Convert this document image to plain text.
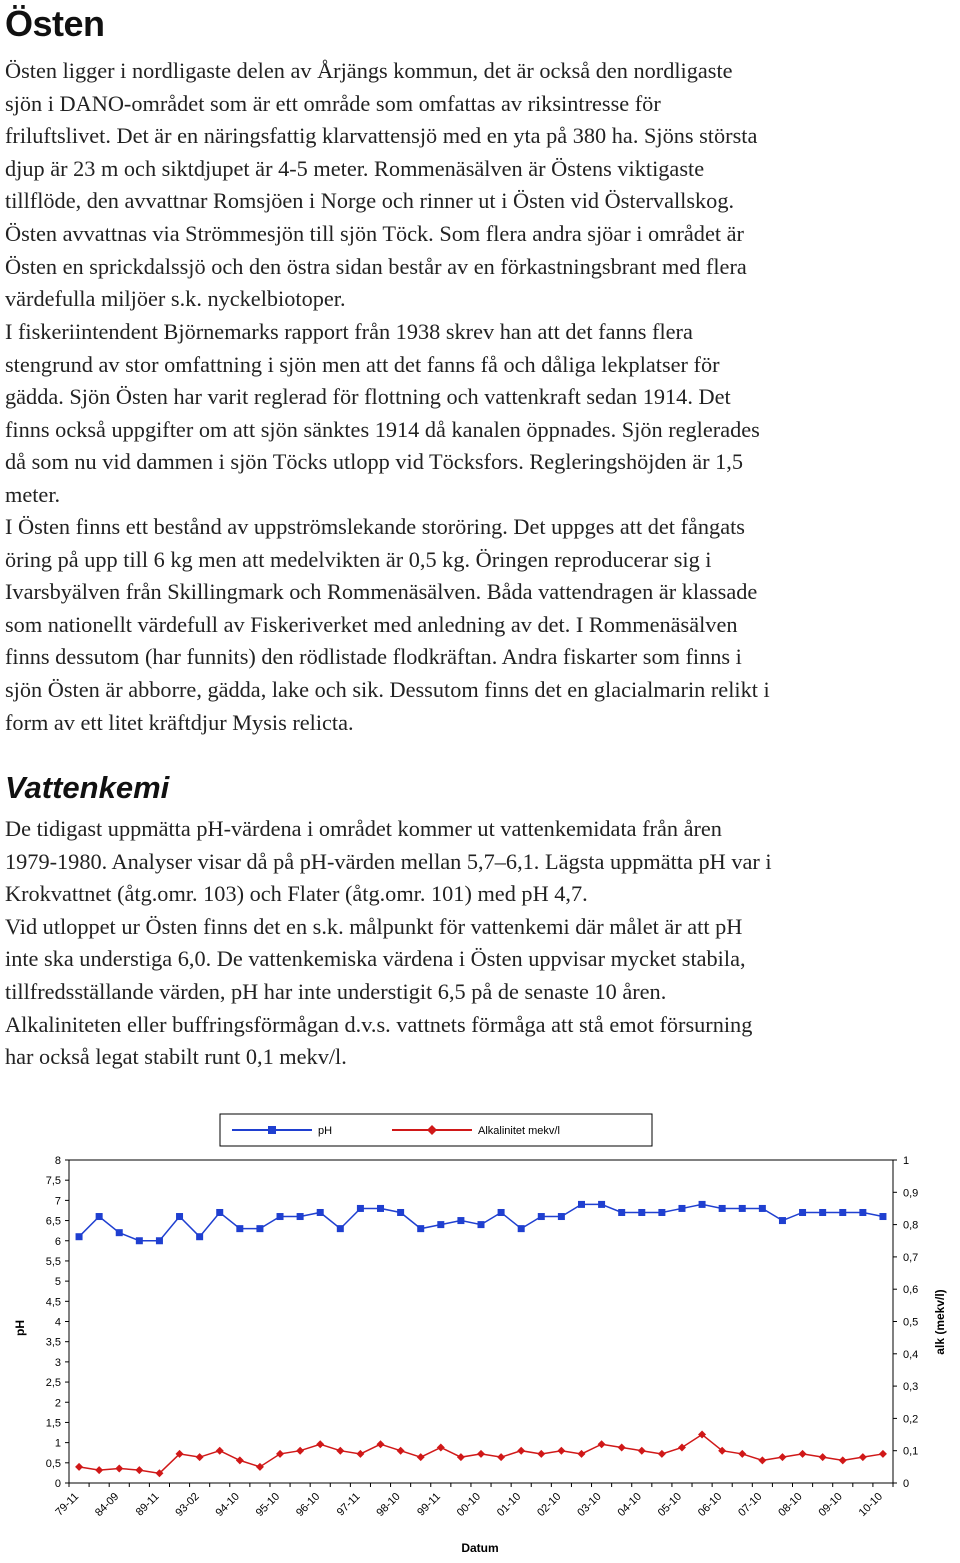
Östen

Östen ligger i nordligaste delen av Årjängs kommun, det är också den nordligaste
sjön i DANO-området som är ett område som omfattas av riksintresse för
friluftslivet. Det är en näringsfattig klarvattensjö med en yta på 380 ha. Sjöns största
djup är 23 m och siktdjupet är 4-5 meter. Rommenäsälven är Östens viktigaste
tillflöde, den avvattnar Romsjöen i Norge och rinner ut i Östen vid Östervallskog.
Östen avvattnas via Strömmesjön till sjön Töck. Som flera andra sjöar i området är
Östen en sprickdalssjö och den östra sidan består av en förkastningsbrant med flera
värdefulla miljöer s.k. nyckelbiotoper.

I fiskeriintendent Björnemarks rapport från 1938 skrev han att det fanns flera
stengrund av stor omfattning i sjön men att det fanns få och dåliga lekplatser för
gädda. Sjön Östen har varit reglerad för flottning och vattenkraft sedan 1914. Det
finns också uppgifter om att sjön sänktes 1914 då kanalen öppnades. Sjön reglerades
då som nu vid dammen i sjön Töcks utlopp vid Töcksfors. Regleringshöjden är 1,5
meter.

I Östen finns ett bestånd av uppströmslekande storöring. Det uppges att det fångats
öring på upp till 6 kg men att medelvikten är 0,5 kg. Öringen reproducerar sig i
Ivarsbyälven från Skillingmark och Rommenäsälven. Båda vattendragen är klassade
som nationellt värdefull av Fiskeriverket med anledning av det. I Rommenäsälven
finns dessutom (har funnits) den rödlistade flodkräftan. Andra fiskarter som finns i
sjön Östen är abborre, gädda, lake och sik. Dessutom finns det en glacialmarin relikt i
form av ett litet kräftdjur Mysis relicta.

Vattenkemi

De tidigast uppmätta pH-värdena i området kommer ut vattenkemidata från åren
1979-1980. Analyser visar då på pH-värden mellan 5,7–6,1. Lägsta uppmätta pH var i
Krokvattnet (åtg.omr. 103) och Flater (åtg.omr. 101) med pH 4,7.
Vid utloppet ur Östen finns det en s.k. målpunkt för vattenkemi där målet är att pH
inte ska understiga 6,0. De vattenkemiska värdena i Östen uppvisar mycket stabila,
tillfredsställande värden, pH har inte understigit 6,5 på de senaste 10 åren.
Alkaliniteten eller buffringsförmågan d.v.s. vattnets förmåga att stå emot försurning
har också legat stabilt runt 0,1 mekv/l.

pH	Alkalinitet mekv/l
0
1
2
3
4
5
6
7
8
0,5
1,5
2,5
3,5
4,5
5,5
6,5
7,5
0
0,1
0,2
0,3
0,4
0,5
0,6
0,7
0,8
0,9
1
79-11 84-09 89-11 93-02 94-10 95-10 96-10 97-11 98-10 99-11 00-10 01-10 02-10 03-10 04-10 05-10 06-10 07-10 08-10 09-10 10-10
pH	alk (mekv/l)
Datum
